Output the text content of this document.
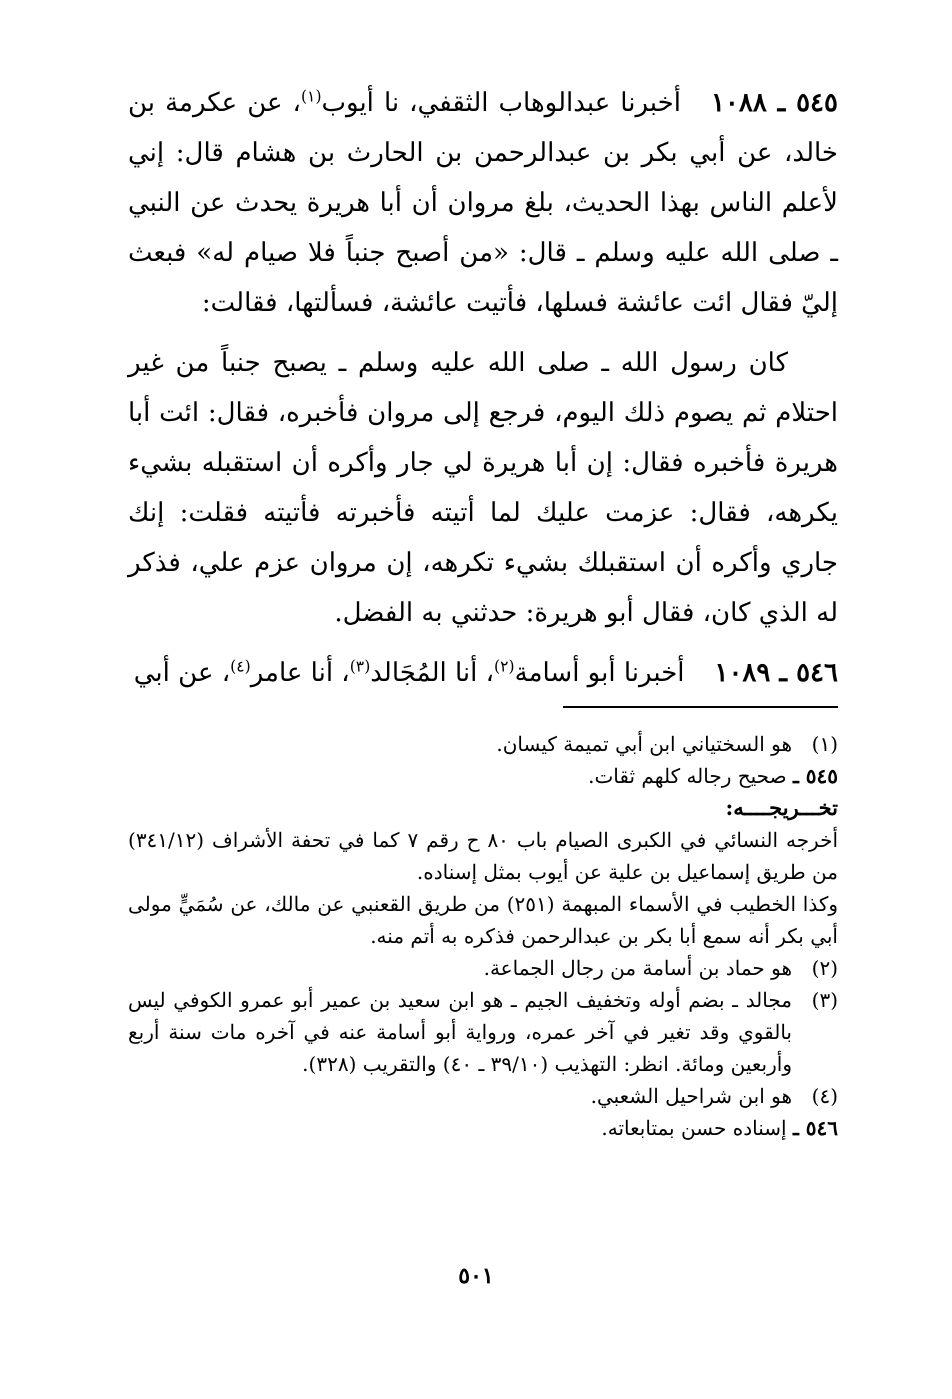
٥٤٥ ـ ١٠٨٨أخبرنا عبدالوهاب الثقفي، نا أيوب$^{(١)}$، عن عكرمة بن خالد، عن أبي بكر بن عبدالرحمن بن الحارث بن هشام قال: إني لأعلم الناس بهذا الحديث، بلغ مروان أن أبا هريرة يحدث عن النبي ـ صلى الله عليه وسلم ـ قال: «من أصبح جنباً فلا صيام له» فبعث إليّ فقال ائت عائشة فسلها، فأتيت عائشة، فسألتها، فقالت:

كان رسول الله ـ صلى الله عليه وسلم ـ يصبح جنباً من غير احتلام ثم يصوم ذلك اليوم، فرجع إلى مروان فأخبره، فقال: ائت أبا هريرة فأخبره فقال: إن أبا هريرة لي جار وأكره أن استقبله بشيء يكرهه، فقال: عزمت عليك لما أتيته فأخبرته فأتيته فقلت: إنك جاري وأكره أن استقبلك بشيء تكرهه، إن مروان عزم علي، فذكر له الذي كان، فقال أبو هريرة: حدثني به الفضل.

٥٤٦ ـ ١٠٨٩أخبرنا أبو أسامة$^{(٢)}$، أنا المُجَالد$^{(٣)}$، أنا عامر$^{(٤)}$، عن أبي

(١)
هو السختياني ابن أبي تميمة كيسان.

٥٤٥ ـ صحيح رجاله كلهم ثقات.

تخـــريجــــه:

أخرجه النسائي في الكبرى الصيام باب ٨٠ ح رقم ٧ كما في تحفة الأشراف (٣٤١/١٢) من طريق إسماعيل بن علية عن أيوب بمثل إسناده.

وكذا الخطيب في الأسماء المبهمة (٢٥١) من طريق القعنبي عن مالك، عن سُمَيٍّ مولى أبي بكر أنه سمع أبا بكر بن عبدالرحمن فذكره به أتم منه.

(٢)
هو حماد بن أسامة من رجال الجماعة.

(٣)
مجالد ـ بضم أوله وتخفيف الجيم ـ هو ابن سعيد بن عمير أبو عمرو الكوفي ليس بالقوي وقد تغير في آخر عمره، ورواية أبو أسامة عنه في آخره مات سنة أربع وأربعين ومائة. انظر: التهذيب (٣٩/١٠ ـ ٤٠) والتقريب (٣٢٨).

(٤)
هو ابن شراحيل الشعبي.

٥٤٦ ـ إسناده حسن بمتابعاته.

٥٠١
